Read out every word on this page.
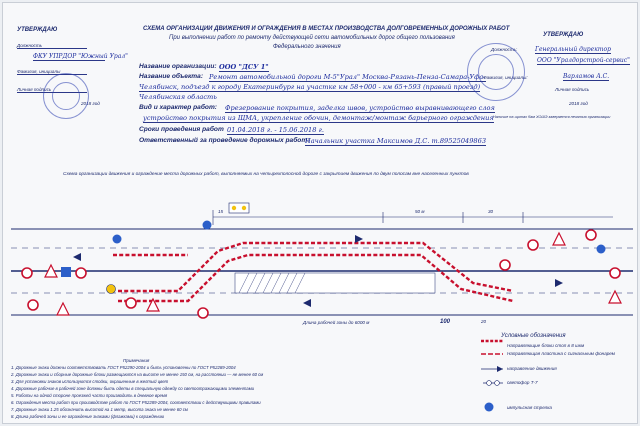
УТВЕРЖДАЮ
Должность
ФКУ УПРДОР "Южный Урал"
Фамилия, инициалы
Личная подпись
2018 год
СХЕМА ОРГАНИЗАЦИИ ДВИЖЕНИЯ И ОГРАЖДЕНИЯ В МЕСТАХ ПРОИЗВОДСТВА ДОЛГОВРЕМЕННЫХ ДОРОЖНЫХ РАБОТ
При выполнении работ по ремонту действующей сети автомобильных дорог общего пользования
Федерального значения
Название организации: ООО "ДСУ 1"
Название объекта: Ремонт автомобильной дороги М-5"Урал" Москва-Рязань-Пенза-Самара-Уфа-
Челябинск, подъезд к городу Екатеринбург на участке км 58+000 - км 65+593 (правый проезд)
Челябинская область
Вид и характер работ: Фрезерование покрытия, заделка швов, устройство выравнивающего слоя
устройство покрытия из ЩМА, укрепление обочин, демонтаж/монтаж барьерного ограждения
Сроки проведения работ 01.04.2018 г. - 15.06.2018 г.
Ответственный за проведение дорожных работ:
Начальник участка Максимов Д.С. т.89525049863
УТВЕРЖДАЮ
Должность:	Генеральный директор
ООО "Уралдорстрой-сервис"
Фамилия, инициалы:	Варламов А.С.
Личная подпись
2018 год
Наличие на щитах бам ХОШЭ заверяется печатью организации
Схема организации движения и ограждение места дорожных работ, выполняемых на четырехполосной дороге с закрытием движения по двум полосам вне населенных пунктов
15	50 м	30
100	20
Длина рабочей зоны до 6000 м
Условные обозначения
Направляющие блоки стоп в 8 шкм
Направляющая пластина с сигнальным фонарем
направление движения
светофор Т-7
импульсная стрелка
Примечания
1. Дорожные знаки должны соответствовать ГОСТ Р52290-2004 и быть установлены по ГОСТ Р52289-2004
2. Дорожные знаки и сборные дорожные блоки размещаются на высоте не менее 150 см, на расстоянии — не менее 60 см
3. Для установки знаков используются стойки, окрашенные в желтый цвет
4. Дорожные рабочие в рабочей зоне должны быть одеты в специальную одежду со светоотражающими элементами
5. Работы на одной стороне проезжей части производить в дневное время
6. Ограждения места работ при производстве работ по ГОСТ Р52289-2004, соответствии с действующими правилами
7. Дорожные знаки 1.25 обозначить высотой на 1 метр, высота знака не менее 60 см
8. Длина рабочей зоны и ее ограждение знаками (флажками) к ограждению
